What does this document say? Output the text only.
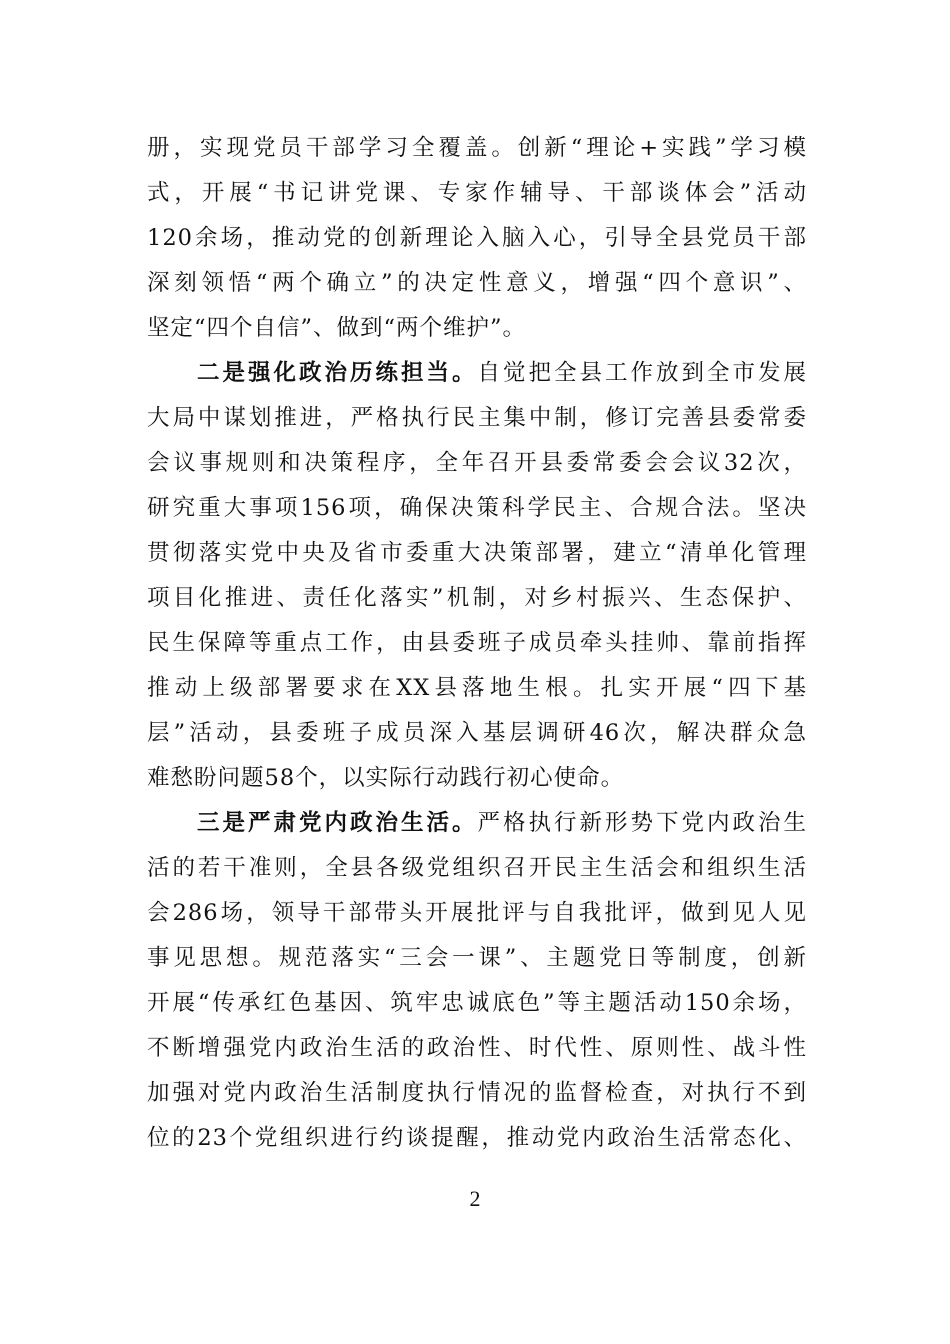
册，实现党员干部学习全覆盖。创新“理论+实践”学习模
式，开展“书记讲党课、专家作辅导、干部谈体会”活动
120余场，推动党的创新理论入脑入心，引导全县党员干部
深刻领悟“两个确立”的决定性意义，增强“四个意识”、
坚定“四个自信”、做到“两个维护”。
二是强化政治历练担当。自觉把全县工作放到全市发展
大局中谋划推进，严格执行民主集中制，修订完善县委常委
会议事规则和决策程序，全年召开县委常委会会议32次，
研究重大事项156项，确保决策科学民主、合规合法。坚决
贯彻落实党中央及省市委重大决策部署，建立“清单化管理
项目化推进、责任化落实”机制，对乡村振兴、生态保护、
民生保障等重点工作，由县委班子成员牵头挂帅、靠前指挥
推动上级部署要求在XX县落地生根。扎实开展“四下基
层”活动，县委班子成员深入基层调研46次，解决群众急
难愁盼问题58个，以实际行动践行初心使命。
三是严肃党内政治生活。严格执行新形势下党内政治生
活的若干准则，全县各级党组织召开民主生活会和组织生活
会286场，领导干部带头开展批评与自我批评，做到见人见
事见思想。规范落实“三会一课”、主题党日等制度，创新
开展“传承红色基因、筑牢忠诚底色”等主题活动150余场，
不断增强党内政治生活的政治性、时代性、原则性、战斗性
加强对党内政治生活制度执行情况的监督检查，对执行不到
位的23个党组织进行约谈提醒，推动党内政治生活常态化、
2
